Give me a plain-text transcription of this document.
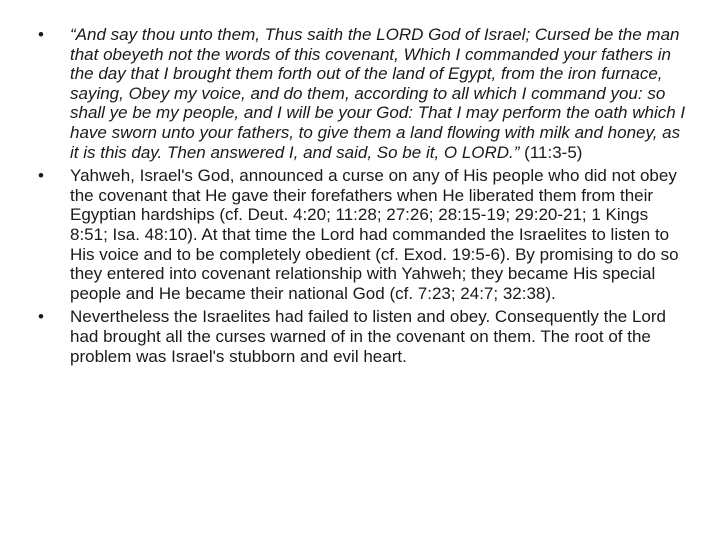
•	“And say thou unto them, Thus saith the LORD God of Israel; Cursed be the man that obeyeth not the words of this covenant, Which I commanded your fathers in the day that I brought them forth out of the land of Egypt, from the iron furnace, saying, Obey my voice, and do them, according to all which I command you: so shall ye be my people, and I will be your God: That I may perform the oath which I have sworn unto your fathers, to give them a land flowing with milk and honey, as it is this day. Then answered I, and said, So be it, O LORD.” (11:3-5)
•	Yahweh, Israel's God, announced a curse on any of His people who did not obey the covenant that He gave their forefathers when He liberated them from their Egyptian hardships (cf. Deut. 4:20; 11:28; 27:26; 28:15-19; 29:20-21; 1 Kings 8:51; Isa. 48:10). At that time the Lord had commanded the Israelites to listen to His voice and to be completely obedient (cf. Exod. 19:5-6). By promising to do so they entered into covenant relationship with Yahweh; they became His special people and He became their national God (cf. 7:23; 24:7; 32:38).
•	Nevertheless the Israelites had failed to listen and obey. Consequently the Lord had brought all the curses warned of in the covenant on them. The root of the problem was Israel's stubborn and evil heart.
